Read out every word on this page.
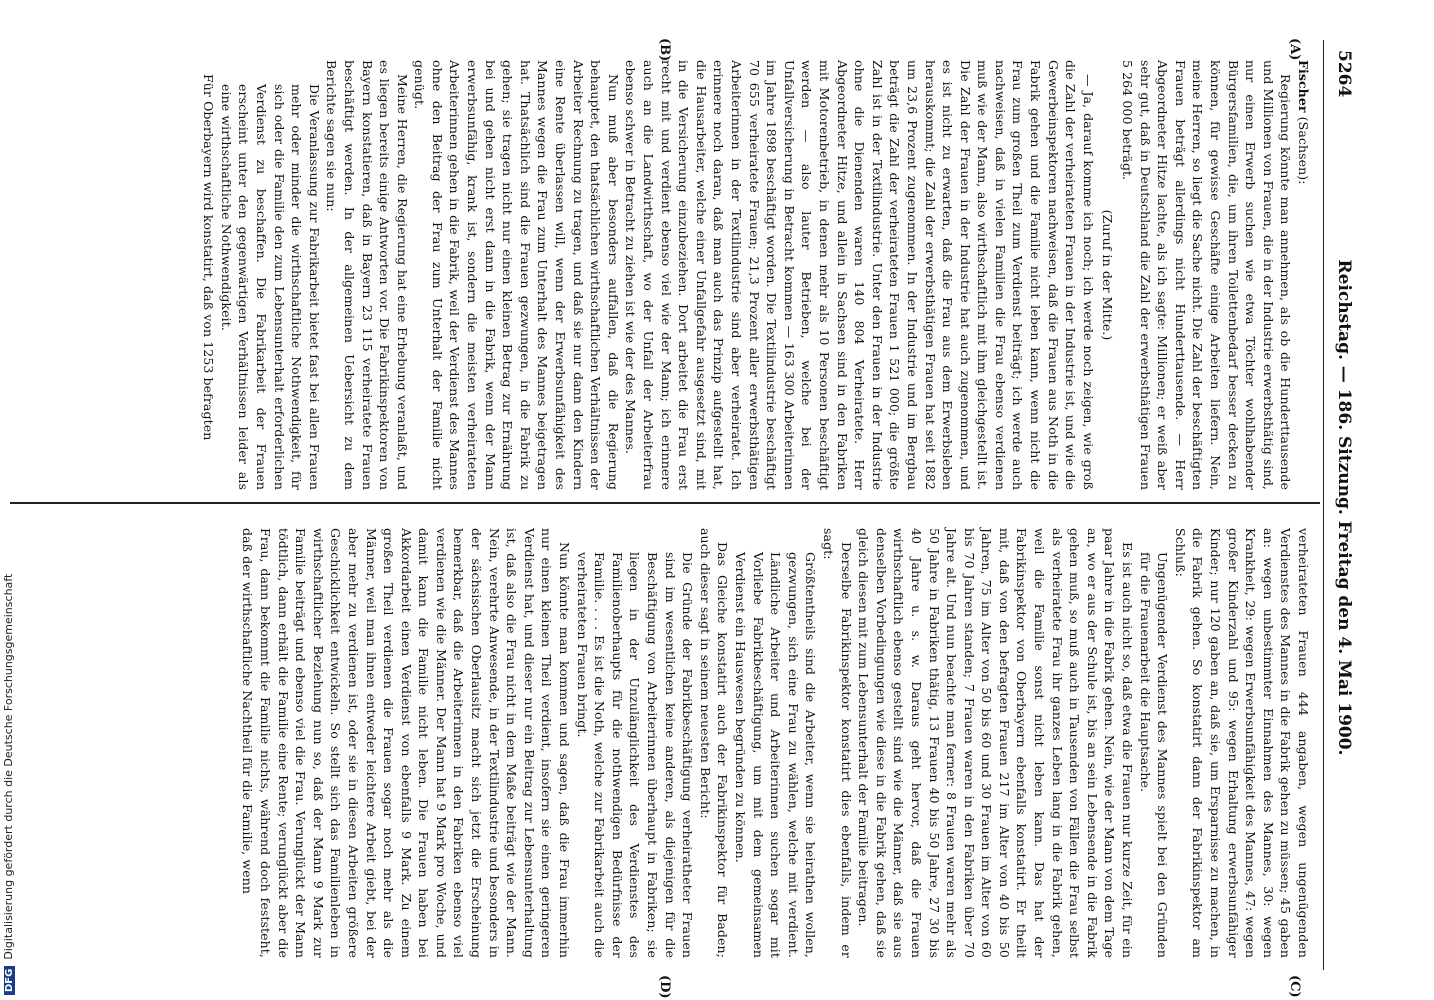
5264
Reichstag. — 186. Sitzung. Freitag den 4. Mai 1900.
(A)
(B)
(C)
(D)

Fischer (Sachsen):

Regierung könnte man annehmen, als ob die Hunderttausende und Millionen von Frauen, die in der Industrie erwerbsthätig sind, nur einen Erwerb suchen wie etwa Töchter wohlhabender Bürgersfamilien, die, um ihren Toilettenbedarf besser decken zu können, für gewisse Geschäfte einige Arbeiten liefern. Nein, meine Herren, so liegt die Sache nicht. Die Zahl der beschäftigten Frauen beträgt allerdings nicht Hunderttausende. — Herr Abgeordneter Hitze lachte, als ich sagte: Millionen; er weiß aber sehr gut, daß in Deutschland die Zahl der erwerbsthätigen Frauen 5 264 000 beträgt.

(Zuruf in der Mitte.)

— Ja, darauf komme ich noch; ich werde noch zeigen, wie groß die Zahl der verheirateten Frauen in der Industrie ist, und wie die Gewerbeinspektoren nachweisen, daß die Frauen aus Noth in die Fabrik gehen und die Familie nicht leben kann, wenn nicht die Frau zum großen Theil zum Verdienst beiträgt; ich werde auch nachweisen, daß in vielen Familien die Frau ebenso verdienen muß wie der Mann, also wirthschaftlich mit ihm gleichgestellt ist. Die Zahl der Frauen in der Industrie hat auch zugenommen, und es ist nicht zu erwarten, daß die Frau aus dem Erwerbsleben herauskommt; die Zahl der erwerbsthätigen Frauen hat seit 1882 um 23,6 Prozent zugenommen. In der Industrie und im Bergbau beträgt die Zahl der verheirateten Frauen 1 521 000; die größte Zahl ist in der Textilindustrie. Unter den Frauen in der Industrie ohne die Dienenden waren 140 804 Verheiratete. Herr Abgeordneter Hitze, und allein in Sachsen sind in den Fabriken mit Motorenbetrieb, in denen mehr als 10 Personen beschäftigt werden — also lauter Betrieben, welche bei der Unfallversicherung in Betracht kommen — 163 300 Arbeiterinnen im Jahre 1898 beschäftigt worden. Die Textilindustrie beschäftigt 70 655 verheiratete Frauen; 21,3 Prozent aller erwerbsthätigen Arbeiterinnen in der Textilindustrie sind aber verheiratet. Ich erinnere noch daran, daß man auch das Prinzip aufgestellt hat, die Hausarbeiter, welche einer Unfallgefahr ausgesetzt sind, mit in die Versicherung einzubeziehen. Dort arbeitet die Frau erst recht mit und verdient ebenso viel wie der Mann; ich erinnere auch an die Landwirthschaft, wo der Unfall der Arbeiterfrau ebenso schwer in Betracht zu ziehen ist wie der des Mannes.

Nun muß aber besonders auffallen, daß die Regierung behauptet, den thatsächlichen wirthschaftlichen Verhältnissen der Arbeiter Rechnung zu tragen, und daß sie nur dann den Kindern eine Rente überlassen will, wenn der Erwerbsunfähigkeit des Mannes wegen die Frau zum Unterhalt des Mannes beigetragen hat. Thatsächlich sind die Frauen gezwungen, in die Fabrik zu gehen; sie tragen nicht nur einen kleinen Betrag zur Ernährung bei und gehen nicht erst dann in die Fabrik, wenn der Mann erwerbsunfähig, krank ist, sondern die meisten verheirateten Arbeiterinnen gehen in die Fabrik, weil der Verdienst des Mannes ohne den Beitrag der Frau zum Unterhalt der Familie nicht genügt.

Meine Herren, die Regierung hat eine Erhebung veranlaßt, und es liegen bereits einige Antworten vor. Die Fabrikinspektoren von Bayern konstatieren, daß in Bayern 23 115 verheiratete Frauen beschäftigt werden. In der allgemeinen Uebersicht zu dem Berichte sagen sie nun:

Die Veranlassung zur Fabrikarbeit bietet fast bei allen Frauen mehr oder minder die wirthschaftliche Nothwendigkeit, für sich oder die Familie den zum Lebensunterhalt erforderlichen Verdienst zu beschaffen. Die Fabrikarbeit der Frauen erscheint unter den gegenwärtigen Verhältnissen leider als eine wirthschaftliche Nothwendigkeit.

Für Oberbayern wird konstatirt, daß von 1253 befragten

verheirateten Frauen 444 angaben, wegen ungenügenden Verdienstes des Mannes in die Fabrik gehen zu müssen; 45 gaben an: wegen unbestimmter Einnahmen des Mannes, 30: wegen Krankheit, 29: wegen Erwerbsunfähigkeit des Mannes, 47: wegen großer Kinderzahl und 95: wegen Erhaltung erwerbsunfähiger Kinder; nur 120 gaben an, daß sie, um Ersparnisse zu machen, in die Fabrik gehen. So konstatirt dann der Fabrikinspektor am Schluß:

Ungenügender Verdienst des Mannes spielt bei den Gründen für die Frauenarbeit die Hauptsache.

Es ist auch nicht so, daß etwa die Frauen nur kurze Zeit, für ein paar Jahre in die Fabrik gehen. Nein, wie der Mann von dem Tage an, wo er aus der Schule ist, bis an sein Lebensende in die Fabrik gehen muß, so muß auch in Tausenden von Fällen die Frau selbst als verheiratete Frau ihr ganzes Leben lang in die Fabrik gehen, weil die Familie sonst nicht leben kann. Das hat der Fabrikinspektor von Oberbayern ebenfalls konstatirt. Er theilt mit, daß von den befragten Frauen 217 im Alter von 40 bis 50 Jahren, 75 im Alter von 50 bis 60 und 30 Frauen im Alter von 60 bis 70 Jahren standen; 7 Frauen waren in den Fabriken über 70 Jahre alt. Und nun beachte man ferner: 8 Frauen waren mehr als 50 Jahre in Fabriken thätig, 13 Frauen 40 bis 50 Jahre, 27 30 bis 40 Jahre u. s. w. Daraus geht hervor, daß die Frauen wirthschaftlich ebenso gestellt sind wie die Männer, daß sie aus denselben Vorbedingungen wie diese in die Fabrik gehen, daß sie gleich diesen mit zum Lebensunterhalt der Familie beitragen.

Derselbe Fabrikinspektor konstatirt dies ebenfalls, indem er sagt:

Größtentheils sind die Arbeiter, wenn sie heirathen wollen, gezwungen, sich eine Frau zu wählen, welche mit verdient. Ländliche Arbeiter und Arbeiterinnen suchen sogar mit Vorliebe Fabrikbeschäftigung, um mit dem gemeinsamen Verdienst ein Hauswesen begründen zu können.

Das Gleiche konstatirt auch der Fabrikinspektor für Baden; auch dieser sagt in seinem neuesten Bericht:

Die Gründe der Fabrikbeschäftigung verheiratheter Frauen sind im wesentlichen keine anderen, als diejenigen für die Beschäftigung von Arbeiterinnen überhaupt in Fabriken; sie liegen in der Unzulänglichkeit des Verdienstes des Familienoberhaupts für die nothwendigen Bedürfnisse der Familie. . . . Es ist die Noth, welche zur Fabrikarbeit auch die verheirateten Frauen bringt.

Nun könnte man kommen und sagen, daß die Frau immerhin nur einen kleinen Theil verdient, insofern sie einen geringeren Verdienst hat, und dieser nur ein Beitrag zur Lebensunterhaltung ist, daß also die Frau nicht in dem Maße beiträgt wie der Mann. Nein, verehrte Anwesende, in der Textilindustrie und besonders in der sächsischen Oberlausitz macht sich jetzt die Erscheinung bemerkbar, daß die Arbeiterinnen in den Fabriken ebenso viel verdienen wie die Männer. Der Mann hat 9 Mark pro Woche, und damit kann die Familie nicht leben. Die Frauen haben bei Akkordarbeit einen Verdienst von ebenfalls 9 Mark. Zu einem großen Theil verdienen die Frauen sogar noch mehr als die Männer, weil man ihnen entweder leichtere Arbeit giebt, bei der aber mehr zu verdienen ist, oder sie in diesen Arbeiten größere Geschicklichkeit entwickeln. So stellt sich das Familienleben in wirthschaftlicher Beziehung nun so, daß der Mann 9 Mark zur Familie beiträgt und ebenso viel die Frau. Verunglückt der Mann tödtlich, dann erhält die Familie eine Rente; verunglückt aber die Frau, dann bekommt die Familie nichts, während doch feststeht, daß der wirthschaftliche Nachtheil für die Familie, wenn

DFGDigitalisierung gefördert durch die Deutsche Forschungsgemeinschaft
